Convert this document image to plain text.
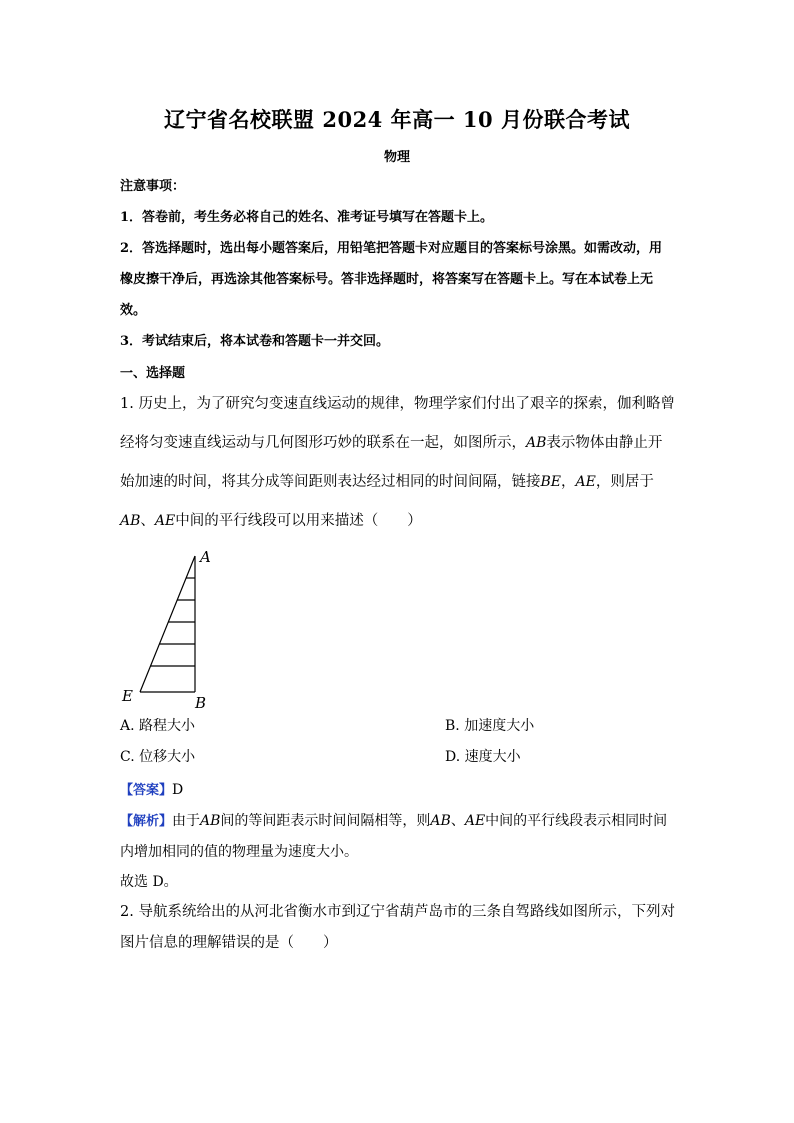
辽宁省名校联盟 2024 年高一 10 月份联合考试
物理

注意事项：

1．答卷前，考生务必将自己的姓名、准考证号填写在答题卡上。

2．答选择题时，选出每小题答案后，用铅笔把答题卡对应题目的答案标号涂黑。如需改动，用橡皮擦干净后，再选涂其他答案标号。答非选择题时，将答案写在答题卡上。写在本试卷上无效。

3．考试结束后，将本试卷和答题卡一并交回。

一、选择题
1. 历史上，为了研究匀变速直线运动的规律，物理学家们付出了艰辛的探索，伽利略曾经将匀变速直线运动与几何图形巧妙的联系在一起，如图所示，AB表示物体由静止开始加速的时间，将其分成等间距则表达经过相同的时间间隔，链接BE，AE，则居于AB、AE中间的平行线段可以用来描述（　　）
A
B
E
A. 路程大小	B. 加速度大小
C. 位移大小	D. 速度大小
【答案】D
【解析】由于AB间的等间距表示时间间隔相等，则AB、AE中间的平行线段表示相同时间内增加相同的值的物理量为速度大小。
故选 D。
2. 导航系统给出的从河北省衡水市到辽宁省葫芦岛市的三条自驾路线如图所示，下列对图片信息的理解错误的是（　　）
